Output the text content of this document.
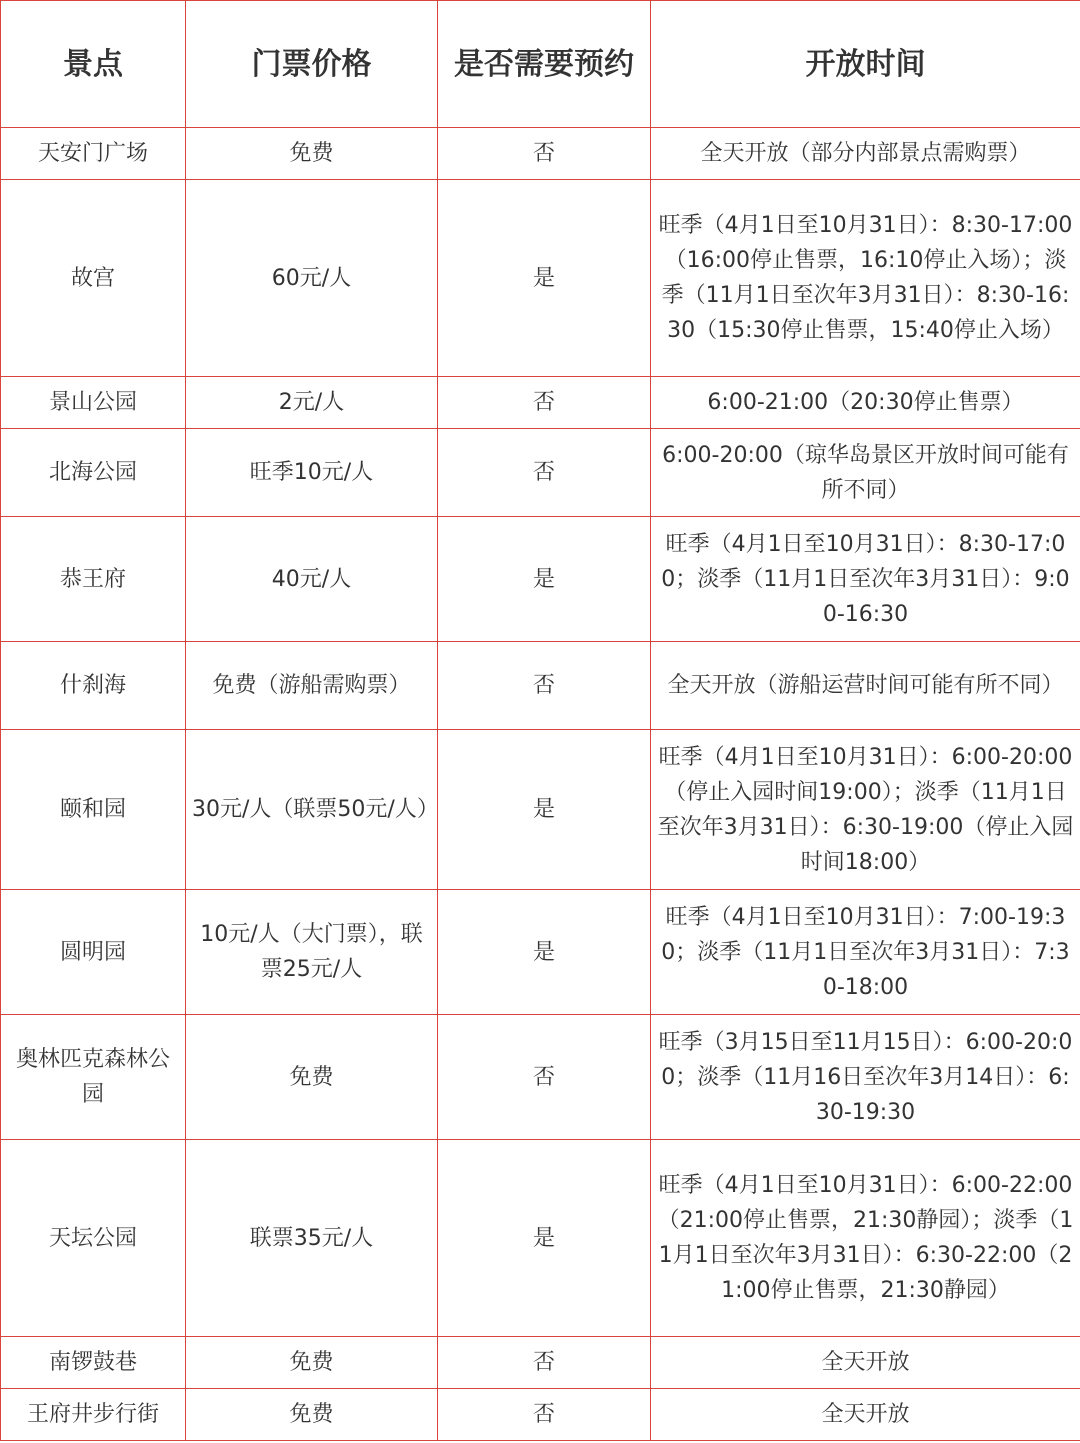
景点	门票价格	是否需要预约	开放时间
天安门广场	免费	否	全天开放（部分内部景点需购票）
故宫	60元/人	是	旺季（4月1日至10月31日）：8:30-17:00（16:00停止售票，16:10停止入场）；淡季（11月1日至次年3月31日）：8:30-16:30（15:30停止售票，15:40停止入场）
景山公园	2元/人	否	6:00-21:00（20:30停止售票）
北海公园	旺季10元/人	否	6:00-20:00（琼华岛景区开放时间可能有所不同）
恭王府	40元/人	是	旺季（4月1日至10月31日）：8:30-17:00；淡季（11月1日至次年3月31日）：9:00-16:30
什刹海	免费（游船需购票）	否	全天开放（游船运营时间可能有所不同）
颐和园	30元/人（联票50元/人）	是	旺季（4月1日至10月31日）：6:00-20:00（停止入园时间19:00）；淡季（11月1日至次年3月31日）：6:30-19:00（停止入园时间18:00）
圆明园	10元/人（大门票），联票25元/人	是	旺季（4月1日至10月31日）：7:00-19:30；淡季（11月1日至次年3月31日）：7:30-18:00
奥林匹克森林公园	免费	否	旺季（3月15日至11月15日）：6:00-20:00；淡季（11月16日至次年3月14日）：6:30-19:30
天坛公园	联票35元/人	是	旺季（4月1日至10月31日）：6:00-22:00（21:00停止售票，21:30静园）；淡季（11月1日至次年3月31日）：6:30-22:00（21:00停止售票，21:30静园）
南锣鼓巷	免费	否	全天开放
王府井步行街	免费	否	全天开放
